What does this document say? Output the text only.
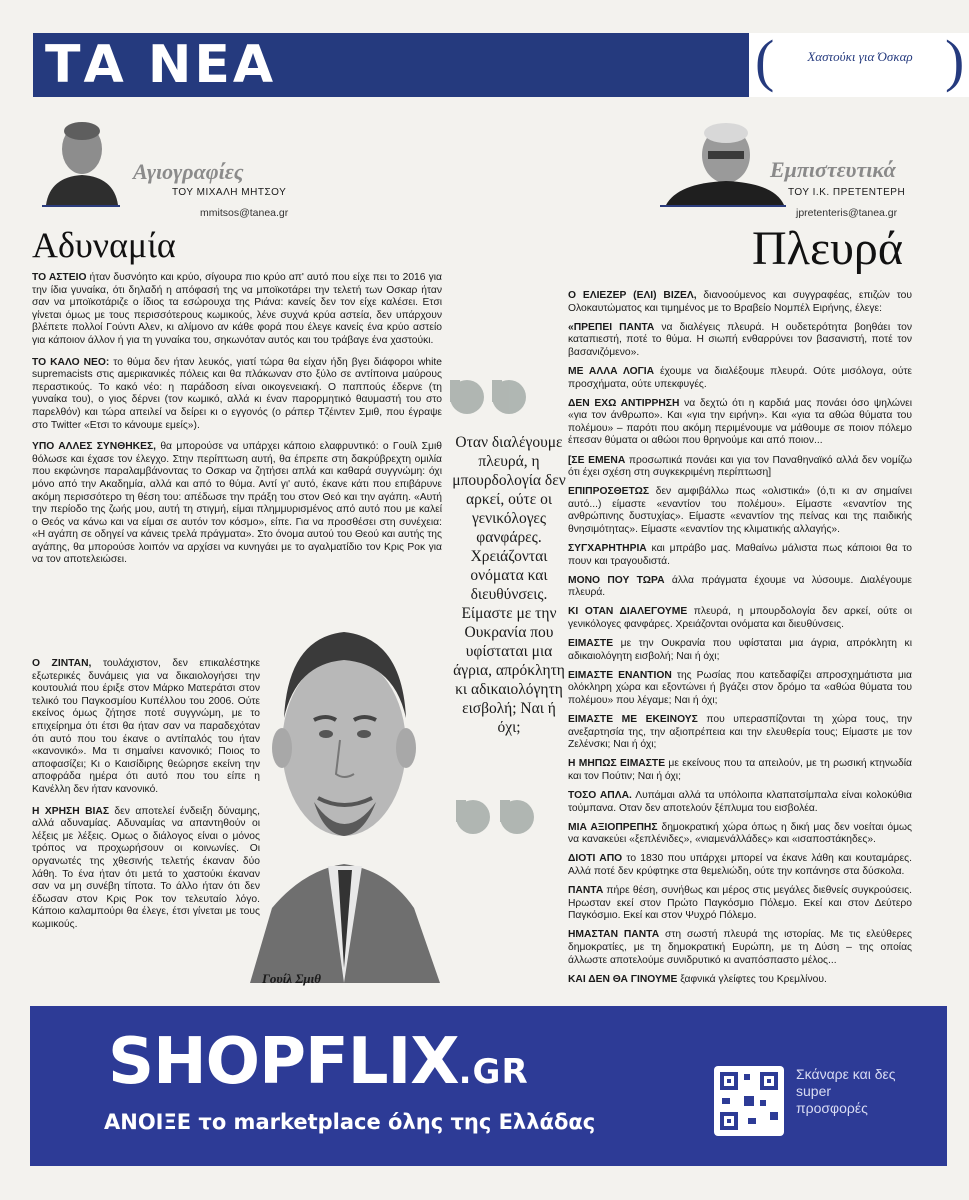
ΤΑ ΝΕΑ	(	Χαστούκι για Όσκαρ )
Αγιογραφίες
ΤΟΥ ΜΙΧΑΛΗ ΜΗΤΣΟΥ
mmitsos@tanea.gr
Αδυναμία
Εμπιστευτικά
ΤΟΥ Ι.Κ. ΠΡΕΤΕΝΤΕΡΗ
jpretenteris@tanea.gr
Πλευρά

ΤΟ ΑΣΤΕΙΟ ήταν δυσνόητο και κρύο, σίγουρα πιο κρύο απ' αυτό που είχε πει το 2016 για την ίδια γυναίκα, ότι δηλαδή η απόφασή της να μποϊκοτάρει την τελετή των Οσκαρ ήταν σαν να μποϊκοτάριζε ο ίδιος τα εσώρουχα της Ριάνα: κανείς δεν τον είχε καλέσει. Ετσι γίνεται όμως με τους περισσότερους κωμικούς, λένε συχνά κρύα αστεία, δεν υπάρχουν βλέπετε πολλοί Γούντι Αλεν, κι αλίμονο αν κάθε φορά που έλεγε κανείς ένα κρύο αστείο για κάποιον άλλον ή για τη γυναίκα του, σηκωνόταν αυτός και του τράβαγε ένα χαστούκι.

ΤΟ ΚΑΛΟ ΝΕΟ: το θύμα δεν ήταν λευκός, γιατί τώρα θα είχαν ήδη βγει διάφοροι white supremacists στις αμερικανικές πόλεις και θα πλάκωναν στο ξύλο σε αντίποινα μαύρους περαστικούς. Το κακό νέο: η παράδοση είναι οικογενειακή. Ο παππούς έδερνε (τη γυναίκα του), ο γιος δέρνει (τον κωμικό, αλλά κι έναν παρορμητικό θαυμαστή του στο παρελθόν) και τώρα απειλεί να δείρει κι ο εγγονός (ο ράπερ Τζέιντεν Σμιθ, που έγραψε στο Twitter «Ετσι το κάνουμε εμείς»).

ΥΠΟ ΑΛΛΕΣ ΣΥΝΘΗΚΕΣ, θα μπορούσε να υπάρχει κάποιο ελαφρυντικό: ο Γουίλ Σμιθ θόλωσε και έχασε τον έλεγχο. Στην περίπτωση αυτή, θα έπρεπε στη δακρύβρεχτη ομιλία που εκφώνησε παραλαμβάνοντας το Οσκαρ να ζητήσει απλά και καθαρά συγγνώμη: όχι μόνο από την Ακαδημία, αλλά και από το θύμα. Αντί γι' αυτό, έκανε κάτι που επιβάρυνε ακόμη περισσότερο τη θέση του: απέδωσε την πράξη του στον Θεό και την αγάπη. «Αυτή την περίοδο της ζωής μου, αυτή τη στιγμή, είμαι πλημμυρισμένος από αυτό που με καλεί ο Θεός να κάνω και να είμαι σε αυτόν τον κόσμο», είπε. Για να προσθέσει στη συνέχεια: «Η αγάπη σε οδηγεί να κάνεις τρελά πράγματα». Στο όνομα αυτού του Θεού και αυτής της αγάπης, θα μπορούσε λοιπόν να αρχίσει να κυνηγάει με το αγαλματίδιο τον Κρις Ροκ για να τον αποτελειώσει.

Ο ΖΙΝΤΑΝ, τουλάχιστον, δεν επικαλέστηκε εξωτερικές δυνάμεις για να δικαιολογήσει την κουτουλιά που έριξε στον Μάρκο Ματεράτσι στον τελικό του Παγκοσμίου Κυπέλλου του 2006. Ούτε εκείνος όμως ζήτησε ποτέ συγγνώμη, με το επιχείρημα ότι έτσι θα ήταν σαν να παραδεχόταν ότι αυτό που του έκανε ο αντίπαλός του ήταν «κανονικό». Μα τι σημαίνει κανονικό; Ποιος το αποφασίζει; Κι ο Καισίδιρης θεώρησε εκείνη την αποφράδα ημέρα ότι αυτό που του είπε η Κανέλλη δεν ήταν κανονικό.

Η ΧΡΗΣΗ ΒΙΑΣ δεν αποτελεί ένδειξη δύναμης, αλλά αδυναμίας. Αδυναμίας να απαντηθούν οι λέξεις με λέξεις. Ομως ο διάλογος είναι ο μόνος τρόπος να προχωρήσουν οι κοινωνίες. Οι οργανωτές της χθεσινής τελετής έκαναν δύο λάθη. Το ένα ήταν ότι μετά το χαστούκι έκαναν σαν να μη συνέβη τίποτα. Το άλλο ήταν ότι δεν έδωσαν στον Κρις Ροκ τον τελευταίο λόγο. Κάποιο καλαμπούρι θα έλεγε, έτσι γίνεται με τους κωμικούς.

Γουίλ Σμιθ
Οταν διαλέγουμε πλευρά, η μπουρδολογία δεν αρκεί, ούτε οι γενικόλογες φανφάρες. Χρειάζονται ονόματα και διευθύνσεις. Είμαστε με την Ουκρανία που υφίσταται μια άγρια, απρόκλητη κι αδικαιολόγητη εισβολή; Ναι ή όχι;

Ο ΕΛΙΕΖΕΡ (ΕΛΙ) ΒΙΖΕΛ, διανοούμενος και συγγραφέας, επιζών του Ολοκαυτώματος και τιμημένος με το Βραβείο Νομπέλ Ειρήνης, έλεγε:

«ΠΡΕΠΕΙ ΠΑΝΤΑ να διαλέγεις πλευρά. Η ουδετερότητα βοηθάει τον καταπιεστή, ποτέ το θύμα. Η σιωπή ενθαρρύνει τον βασανιστή, ποτέ τον βασανιζόμενο».

ΜΕ ΑΛΛΑ ΛΟΓΙΑ έχουμε να διαλέξουμε πλευρά. Ούτε μισόλογα, ούτε προσχήματα, ούτε υπεκφυγές.

ΔΕΝ ΕΧΩ ΑΝΤΙΡΡΗΣΗ να δεχτώ ότι η καρδιά μας πονάει όσο ψηλώνει «για τον άνθρωπο». Και «για την ειρήνη». Και «για τα αθώα θύματα του πολέμου» – παρότι που ακόμη περιμένουμε να μάθουμε σε ποιον πόλεμο έπεσαν θύματα οι αθώοι που θρηνούμε και από ποιον...

[ΣΕ ΕΜΕΝΑ προσωπικά πονάει και για τον Παναθηναϊκό αλλά δεν νομίζω ότι έχει σχέση στη συγκεκριμένη περίπτωση]

ΕΠΙΠΡΟΣΘΕΤΩΣ δεν αμφιβάλλω πως «ολιστικά» (ό,τι κι αν σημαίνει αυτό...) είμαστε «εναντίον του πολέμου». Είμαστε «εναντίον της ανθρώπινης δυστυχίας». Είμαστε «εναντίον της πείνας και της παιδικής θνησιμότητας». Είμαστε «εναντίον της κλιματικής αλλαγής».

ΣΥΓΧΑΡΗΤΗΡΙΑ και μπράβο μας. Μαθαίνω μάλιστα πως κάποιοι θα το πουν και τραγουδιστά.

ΜΟΝΟ ΠΟΥ ΤΩΡΑ άλλα πράγματα έχουμε να λύσουμε. Διαλέγουμε πλευρά.

ΚΙ ΟΤΑΝ ΔΙΑΛΕΓΟΥΜΕ πλευρά, η μπουρδολογία δεν αρκεί, ούτε οι γενικόλογες φανφάρες. Χρειάζονται ονόματα και διευθύνσεις.

ΕΙΜΑΣΤΕ με την Ουκρανία που υφίσταται μια άγρια, απρόκλητη κι αδικαιολόγητη εισβολή; Ναι ή όχι;

ΕΙΜΑΣΤΕ ΕΝΑΝΤΙΟΝ της Ρωσίας που κατεδαφίζει απροσχημάτιστα μια ολόκληρη χώρα και εξοντώνει ή βγάζει στον δρόμο τα «αθώα θύματα του πολέμου» που λέγαμε; Ναι ή όχι;

ΕΙΜΑΣΤΕ ΜΕ ΕΚΕΙΝΟΥΣ που υπερασπίζονται τη χώρα τους, την ανεξαρτησία της, την αξιοπρέπεια και την ελευθερία τους; Είμαστε με τον Ζελένσκι; Ναι ή όχι;

Η ΜΗΠΩΣ ΕΙΜΑΣΤΕ με εκείνους που τα απειλούν, με τη ρωσική κτηνωδία και τον Πούτιν; Ναι ή όχι;

ΤΟΣΟ ΑΠΛΑ. Λυπάμαι αλλά τα υπόλοιπα κλαπατσίμπαλα είναι κολοκύθια τούμπανα. Οταν δεν αποτελούν ξέπλυμα του εισβολέα.

ΜΙΑ ΑΞΙΟΠΡΕΠΗΣ δημοκρατική χώρα όπως η δική μας δεν νοείται όμως να κανακεύει «ξεπλένιδες», «νιαμενάλλάδες» και «ισαποστάκηδες».

ΔΙΟΤΙ ΑΠΟ το 1830 που υπάρχει μπορεί να έκανε λάθη και κουταμάρες. Αλλά ποτέ δεν κρύφτηκε στα θεμελιώδη, ούτε την κοπάνησε στα δύσκολα.

ΠΑΝΤΑ πήρε θέση, συνήθως και μέρος στις μεγάλες διεθνείς συγκρούσεις. Ηρωσταν εκεί στον Πρώτο Παγκόσμιο Πόλεμο. Εκεί και στον Δεύτερο Παγκόσμιο. Εκεί και στον Ψυχρό Πόλεμο.

ΗΜΑΣΤΑΝ ΠΑΝΤΑ στη σωστή πλευρά της ιστορίας. Με τις ελεύθερες δημοκρατίες, με τη δημοκρατική Ευρώπη, με τη Δύση – της οποίας άλλωστε αποτελούμε συνιδρυτικό κι αναπόσπαστο μέλος...

ΚΑΙ ΔΕΝ ΘΑ ΓΙΝΟΥΜΕ ξαφνικά γλείφτες του Κρεμλίνου.

SHOPFLIX.GR
ΑΝΟΙΞΕ το marketplace όλης της Ελλάδας
Σκάναρε και δες super προσφορές
